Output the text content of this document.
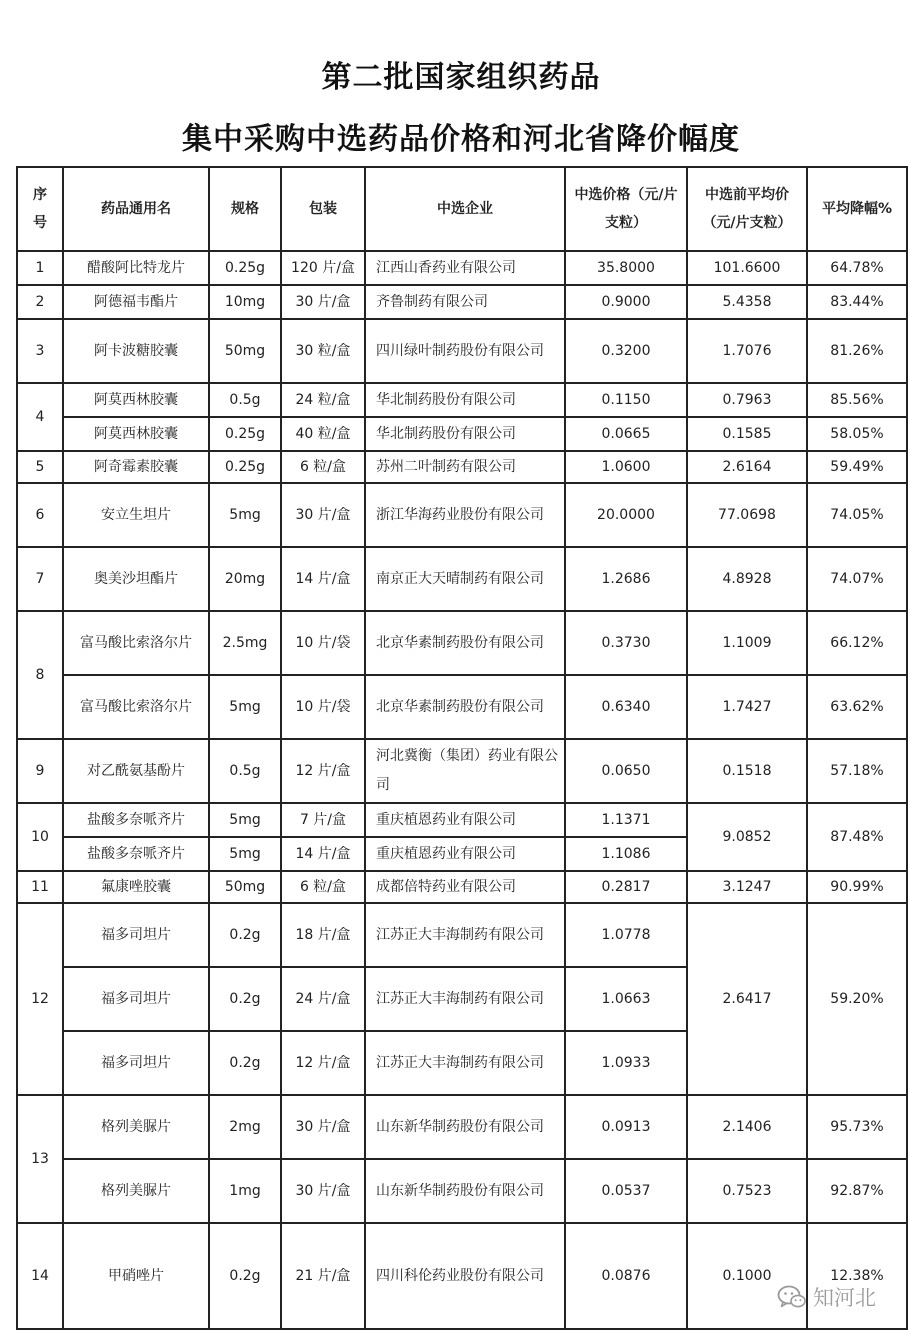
第二批国家组织药品
集中采购中选药品价格和河北省降价幅度
序号	药品通用名	规格	包装	中选企业	中选价格（元/片支粒）	中选前平均价（元/片支粒）	平均降幅%
1	醋酸阿比特龙片	0.25g	120 片/盒	江西山香药业有限公司	35.8000	101.6600	64.78%
2	阿德福韦酯片	10mg	30 片/盒	齐鲁制药有限公司	0.9000	5.4358	83.44%
3	阿卡波糖胶囊	50mg	30 粒/盒	四川绿叶制药股份有限公司	0.3200	1.7076	81.26%
4	阿莫西林胶囊	0.5g	24 粒/盒	华北制药股份有限公司	0.1150	0.7963	85.56%
	阿莫西林胶囊	0.25g	40 粒/盒	华北制药股份有限公司	0.0665	0.1585	58.05%
5	阿奇霉素胶囊	0.25g	6 粒/盒	苏州二叶制药有限公司	1.0600	2.6164	59.49%
6	安立生坦片	5mg	30 片/盒	浙江华海药业股份有限公司	20.0000	77.0698	74.05%
7	奥美沙坦酯片	20mg	14 片/盒	南京正大天晴制药有限公司	1.2686	4.8928	74.07%
8	富马酸比索洛尔片	2.5mg	10 片/袋	北京华素制药股份有限公司	0.3730	1.1009	66.12%
	富马酸比索洛尔片	5mg	10 片/袋	北京华素制药股份有限公司	0.6340	1.7427	63.62%
9	对乙酰氨基酚片	0.5g	12 片/盒	河北冀衡（集团）药业有限公司	0.0650	0.1518	57.18%
10	盐酸多奈哌齐片	5mg	7 片/盒	重庆植恩药业有限公司	1.1371	9.0852	87.48%
	盐酸多奈哌齐片	5mg	14 片/盒	重庆植恩药业有限公司	1.1086		
11	氟康唑胶囊	50mg	6 粒/盒	成都倍特药业有限公司	0.2817	3.1247	90.99%
12	福多司坦片	0.2g	18 片/盒	江苏正大丰海制药有限公司	1.0778	2.6417	59.20%
	福多司坦片	0.2g	24 片/盒	江苏正大丰海制药有限公司	1.0663		
	福多司坦片	0.2g	12 片/盒	江苏正大丰海制药有限公司	1.0933		
13	格列美脲片	2mg	30 片/盒	山东新华制药股份有限公司	0.0913	2.1406	95.73%
	格列美脲片	1mg	30 片/盒	山东新华制药股份有限公司	0.0537	0.7523	92.87%
14	甲硝唑片	0.2g	21 片/盒	四川科伦药业股份有限公司	0.0876	0.1000	12.38%
知河北
